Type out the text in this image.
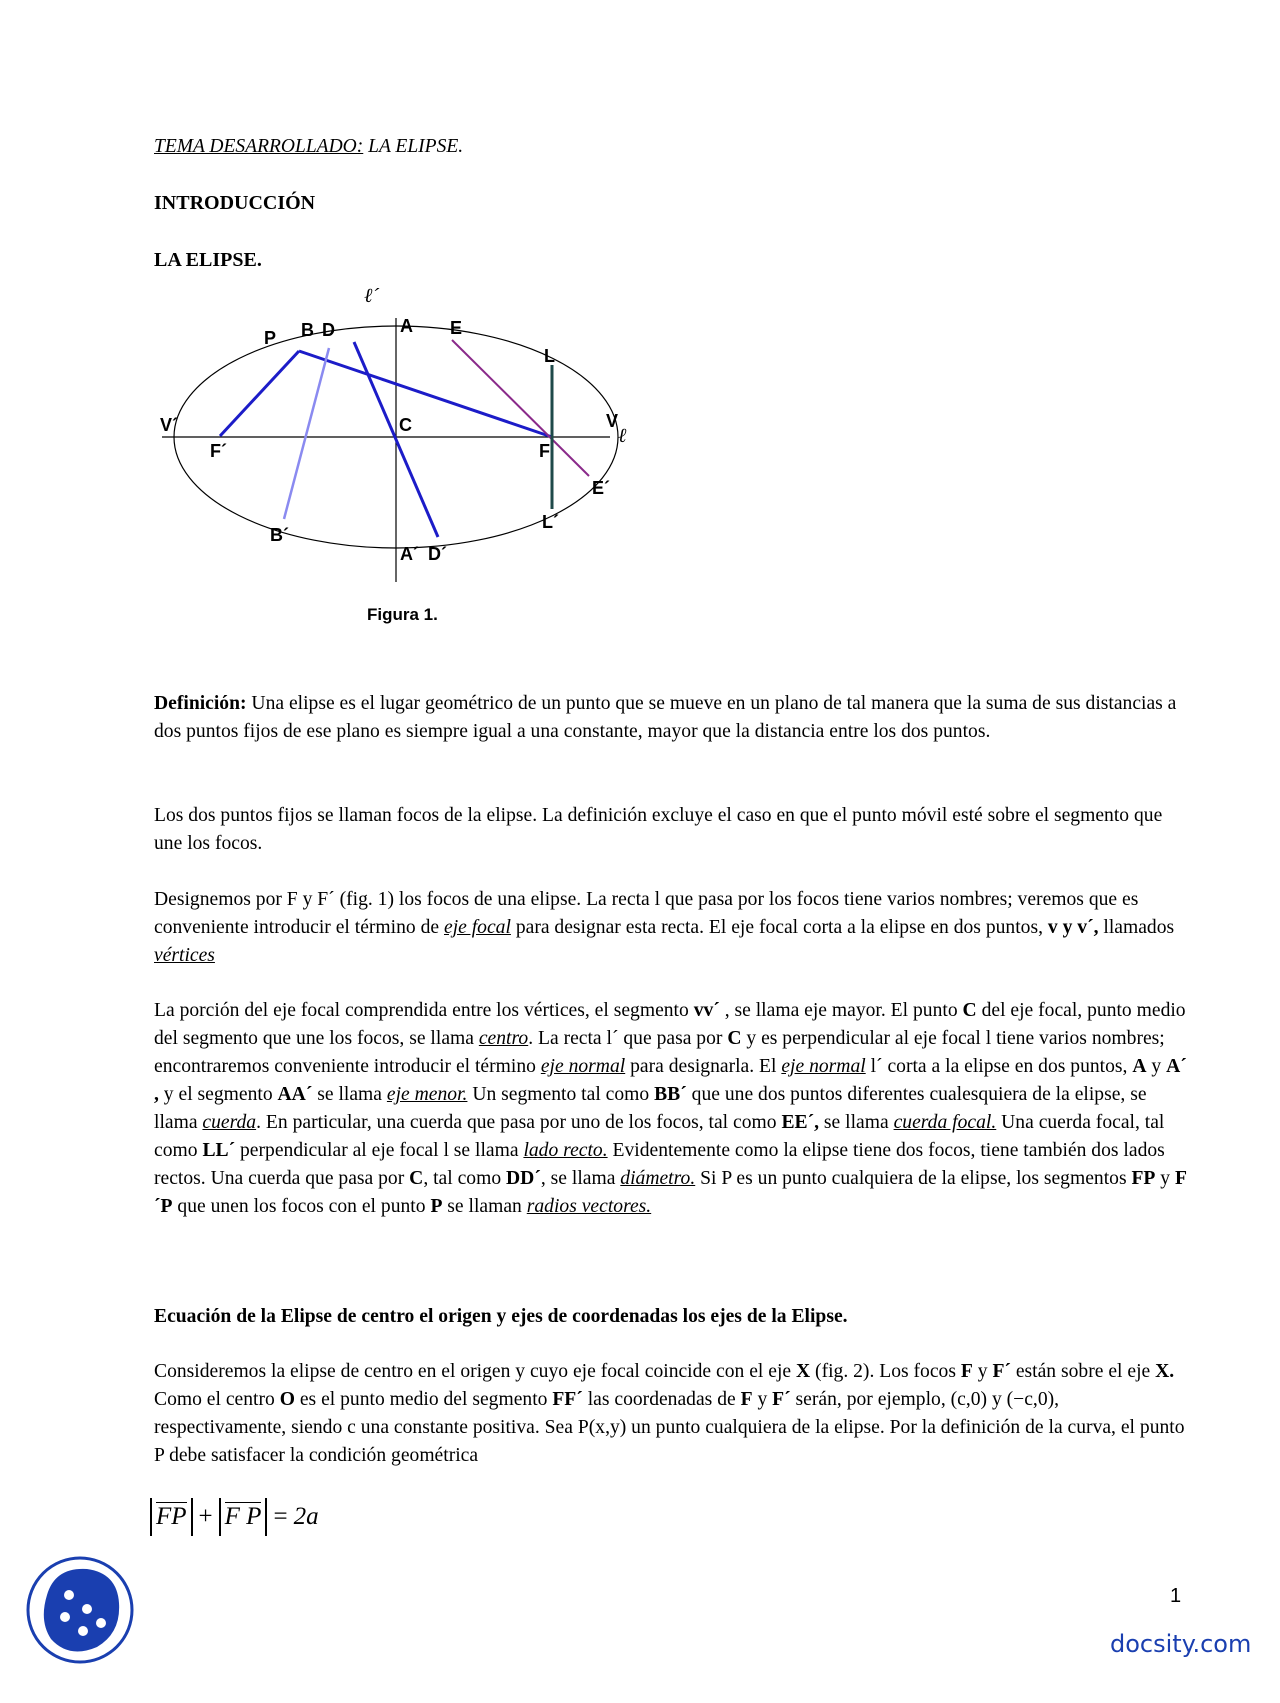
TEMA DESARROLLADO: LA ELIPSE.
INTRODUCCIÓN
LA ELIPSE.
ℓ´
ℓ
P B D	A E
L
V´	C	V
F´	F
E´
L´
B´
A´ D´
Figura 1.
Definición: Una elipse es el lugar geométrico de un punto que se mueve en un plano de tal manera que la suma de sus distancias a dos puntos fijos de ese plano es siempre igual a una constante, mayor que la distancia entre los dos puntos.
Los dos puntos fijos se llaman focos de la elipse. La definición excluye el caso en que el punto móvil esté sobre el segmento que une los focos.
Designemos por F y F´ (fig. 1) los focos de una elipse. La recta l que pasa por los focos tiene varios nombres; veremos que es conveniente introducir el término de eje focal para designar esta recta. El eje focal corta a la elipse en dos puntos, v y v´, llamados vértices
La porción del eje focal comprendida entre los vértices, el segmento vv´ , se llama eje mayor. El punto C del eje focal, punto medio del segmento que une los focos, se llama centro. La recta l´ que pasa por C y es perpendicular al eje focal l tiene varios nombres; encontraremos conveniente introducir el término eje normal para designarla. El eje normal l´ corta a la elipse en dos puntos, A y A´ , y el segmento AA´ se llama eje menor. Un segmento tal como BB´ que une dos puntos diferentes cualesquiera de la elipse, se llama cuerda. En particular, una cuerda que pasa por uno de los focos, tal como EE´, se llama cuerda focal. Una cuerda focal, tal como LL´ perpendicular al eje focal l se llama lado recto. Evidentemente como la elipse tiene dos focos, tiene también dos lados rectos. Una cuerda que pasa por C, tal como DD´, se llama diámetro. Si P es un punto cualquiera de la elipse, los segmentos FP y F´P que unen los focos con el punto P se llaman radios vectores.
Ecuación de la Elipse de centro el origen y ejes de coordenadas los ejes de la Elipse.
Consideremos la elipse de centro en el origen y cuyo eje focal coincide con el eje X (fig. 2). Los focos F y F´ están sobre el eje X. Como el centro O es el punto medio del segmento FF´ las coordenadas de F y F´ serán, por ejemplo, (c,0) y (−c,0), respectivamente, siendo c una constante positiva. Sea P(x,y) un punto cualquiera de la elipse. Por la definición de la curva, el punto P debe satisfacer la condición geométrica
FP + F P = 2a
1
docsity.com
